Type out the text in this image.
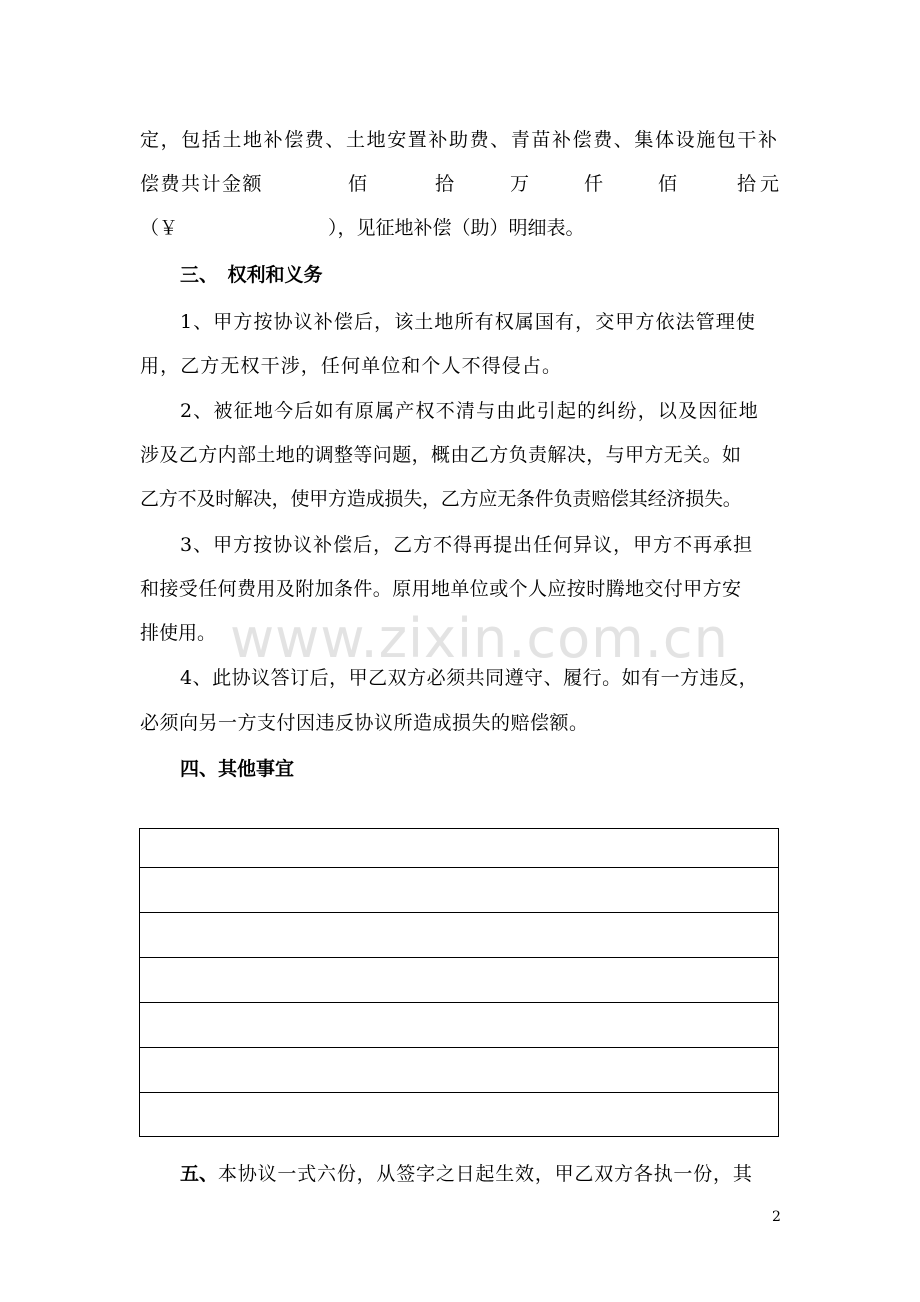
定，包括土地补偿费、土地安置补助费、青苗补偿费、集体设施包干补
偿费共计金额	佰	拾	万	仟	佰	拾 元
（￥	），见征地补偿（助）明细表。
三、　权利和义务
1、甲方按协议补偿后，该土地所有权属国有，交甲方依法管理使
用，乙方无权干涉，任何单位和个人不得侵占。
2、被征地今后如有原属产权不清与由此引起的纠纷，以及因征地
涉及乙方内部土地的调整等问题，概由乙方负责解决，与甲方无关。如
乙方不及时解决，使甲方造成损失，乙方应无条件负责赔偿其经济损失。
3、甲方按协议补偿后，乙方不得再提出任何异议，甲方不再承担
和接受任何费用及附加条件。原用地单位或个人应按时腾地交付甲方安
排使用。 www.zixin.com.cn
4、此协议答订后，甲乙双方必须共同遵守、履行。如有一方违反，
必须向另一方支付因违反协议所造成损失的赔偿额。
四、其他事宜
五、本协议一式六份，从签字之日起生效，甲乙双方各执一份，其
2
